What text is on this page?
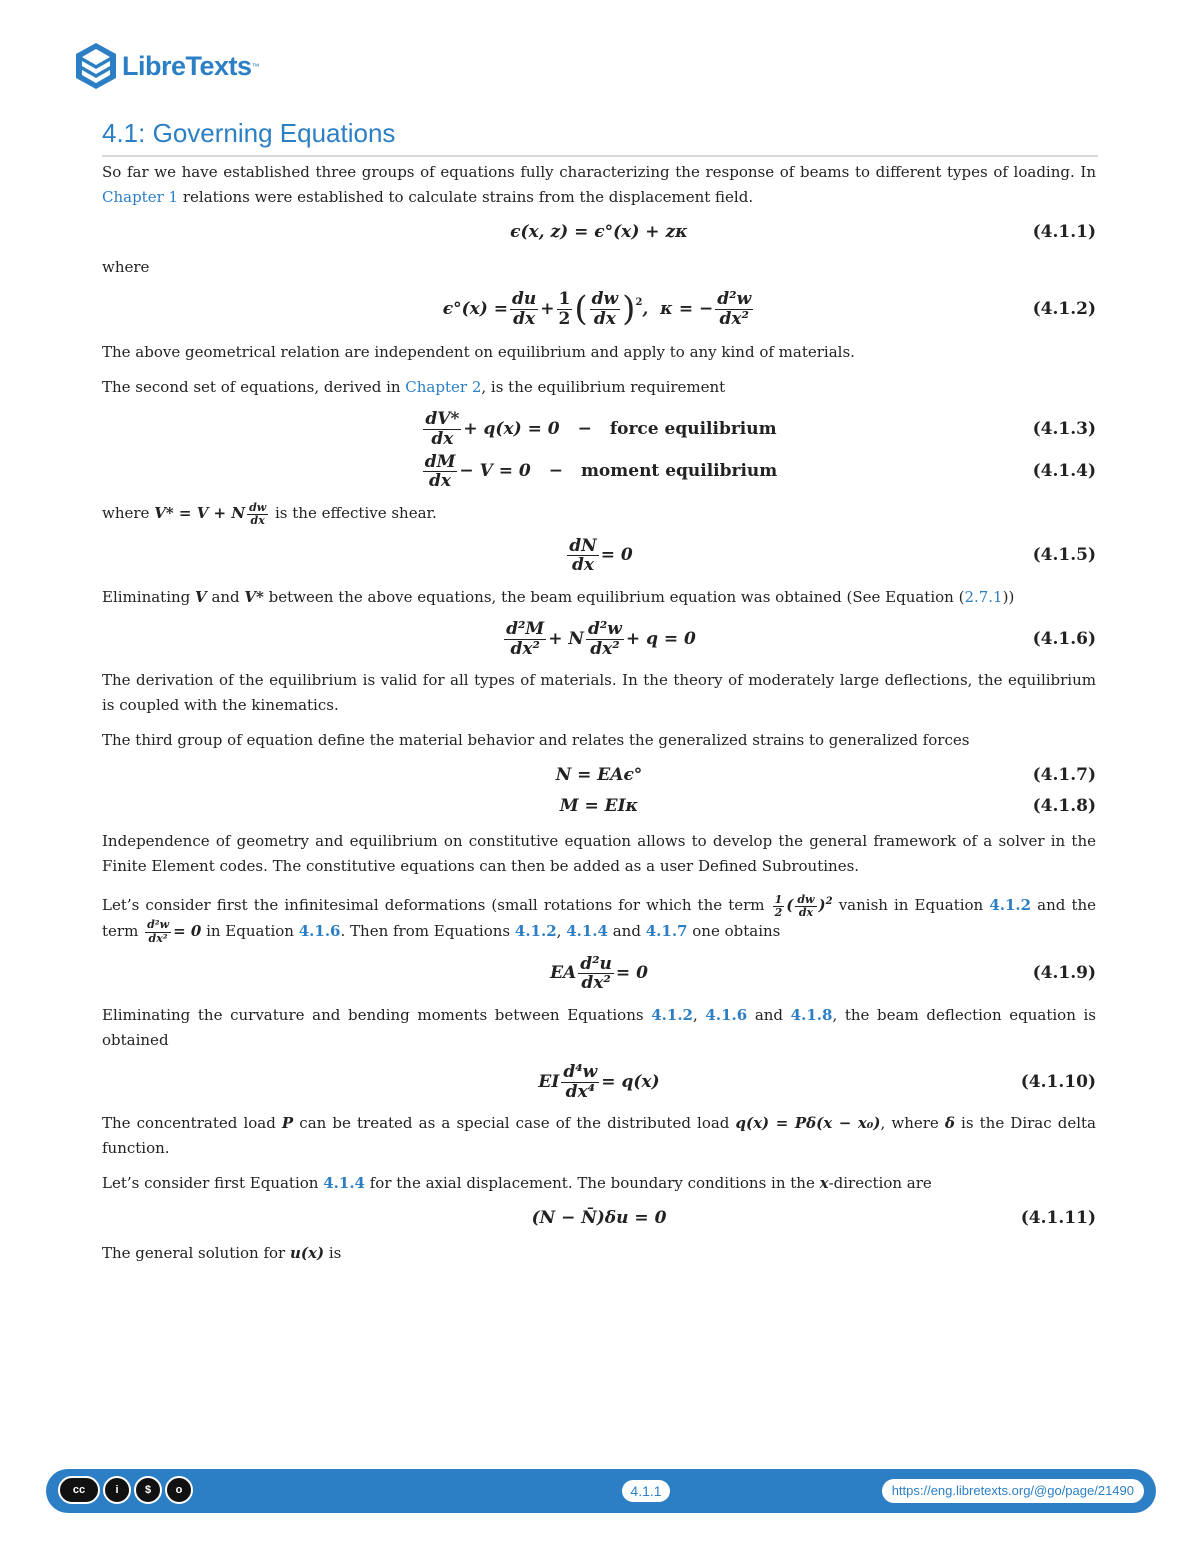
LibreTexts ™
4.1: Governing Equations

So far we have established three groups of equations fully characterizing the response of beams to different types of loading. In Chapter 1 relations were established to calculate strains from the displacement field.

ϵ(x, z) = ϵ°(x) + zκ	(4.1.1)

where

$\epsilon^\circ(x) = \frac{du}{dx} + \frac{1}{2}$ ( $\frac{dw}{dx} )^2$ ,  κ = − $\frac{\text{d²w}}{\text{dx²}}$	(4.1.2)

The above geometrical relation are independent on equilibrium and apply to any kind of materials.

The second set of equations, derived in Chapter 2, is the equilibrium requirement

$\frac{dV*}{dx} + q(x) = 0$ − force equilibrium	(4.1.3)
$\frac{dM}{dx} - V = 0$ − moment equilibrium	(4.1.4)

where V* = V + N $\frac{dw}{dx}$ is the effective shear.

$\frac{dN}{dx} = 0$	(4.1.5)

Eliminating V and V* between the above equations, the beam equilibrium equation was obtained (See Equation (2.7.1))

$\frac{\text{d²M}}{\text{dx²}} + N \frac{\text{d²w}}{\text{dx²}} + q = 0$	(4.1.6)

The derivation of the equilibrium is valid for all types of materials. In the theory of moderately large deflections, the equilibrium is coupled with the kinematics.

The third group of equation define the material behavior and relates the generalized strains to generalized forces

N = EAϵ°	(4.1.7)
M = EIκ	(4.1.8)

Independence of geometry and equilibrium on constitutive equation allows to develop the general framework of a solver in the Finite Element codes. The constitutive equations can then be added as a user Defined Subroutines.

Let’s consider first the infinitesimal deformations (small rotations for which the term $\frac{1}{2}$ ( $\frac{dw}{dx} )^2$ vanish in Equation 4.1.2 and the term $\frac{\text{d²w}}{\text{dx²}} = 0$ in Equation 4.1.6. Then from Equations 4.1.2, 4.1.4 and 4.1.7 one obtains

EA $\frac{\text{d²u}}{\text{dx²}} = 0$	(4.1.9)

Eliminating the curvature and bending moments between Equations 4.1.2, 4.1.6 and 4.1.8, the beam deflection equation is obtained

EI $\frac{\text{d⁴w}}{\text{dx⁴}} = q(x)$	(4.1.10)

The concentrated load P can be treated as a special case of the distributed load q(x) = Pδ(x − x₀), where δ is the Dirac delta function.

Let’s consider first Equation 4.1.4 for the axial displacement. The boundary conditions in the x-direction are

(N − N̄)δu = 0	(4.1.11)

The general solution for u(x) is

cc	i	$	o	4.1.1	https://eng.libretexts.org/@go/page/21490
